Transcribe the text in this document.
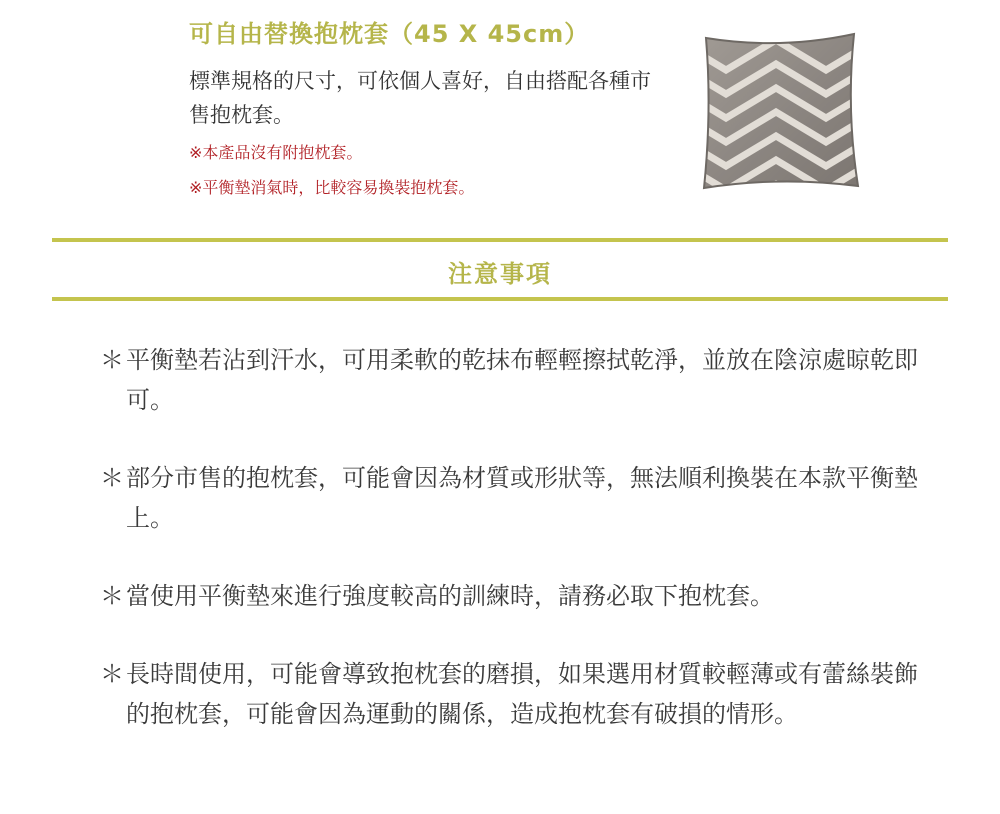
可自由替換抱枕套（45 X 45cm）
標準規格的尺寸，可依個人喜好，自由搭配各種市售抱枕套。
※本產品沒有附抱枕套。
※平衡墊消氣時，比較容易換裝抱枕套。
注意事項
＊ 平衡墊若沾到汗水，可用柔軟的乾抹布輕輕擦拭乾淨，並放在陰涼處晾乾即可。
＊ 部分市售的抱枕套，可能會因為材質或形狀等，無法順利換裝在本款平衡墊上。
＊ 當使用平衡墊來進行強度較高的訓練時，請務必取下抱枕套。
＊ 長時間使用，可能會導致抱枕套的磨損，如果選用材質較輕薄或有蕾絲裝飾的抱枕套，可能會因為運動的關係，造成抱枕套有破損的情形。
